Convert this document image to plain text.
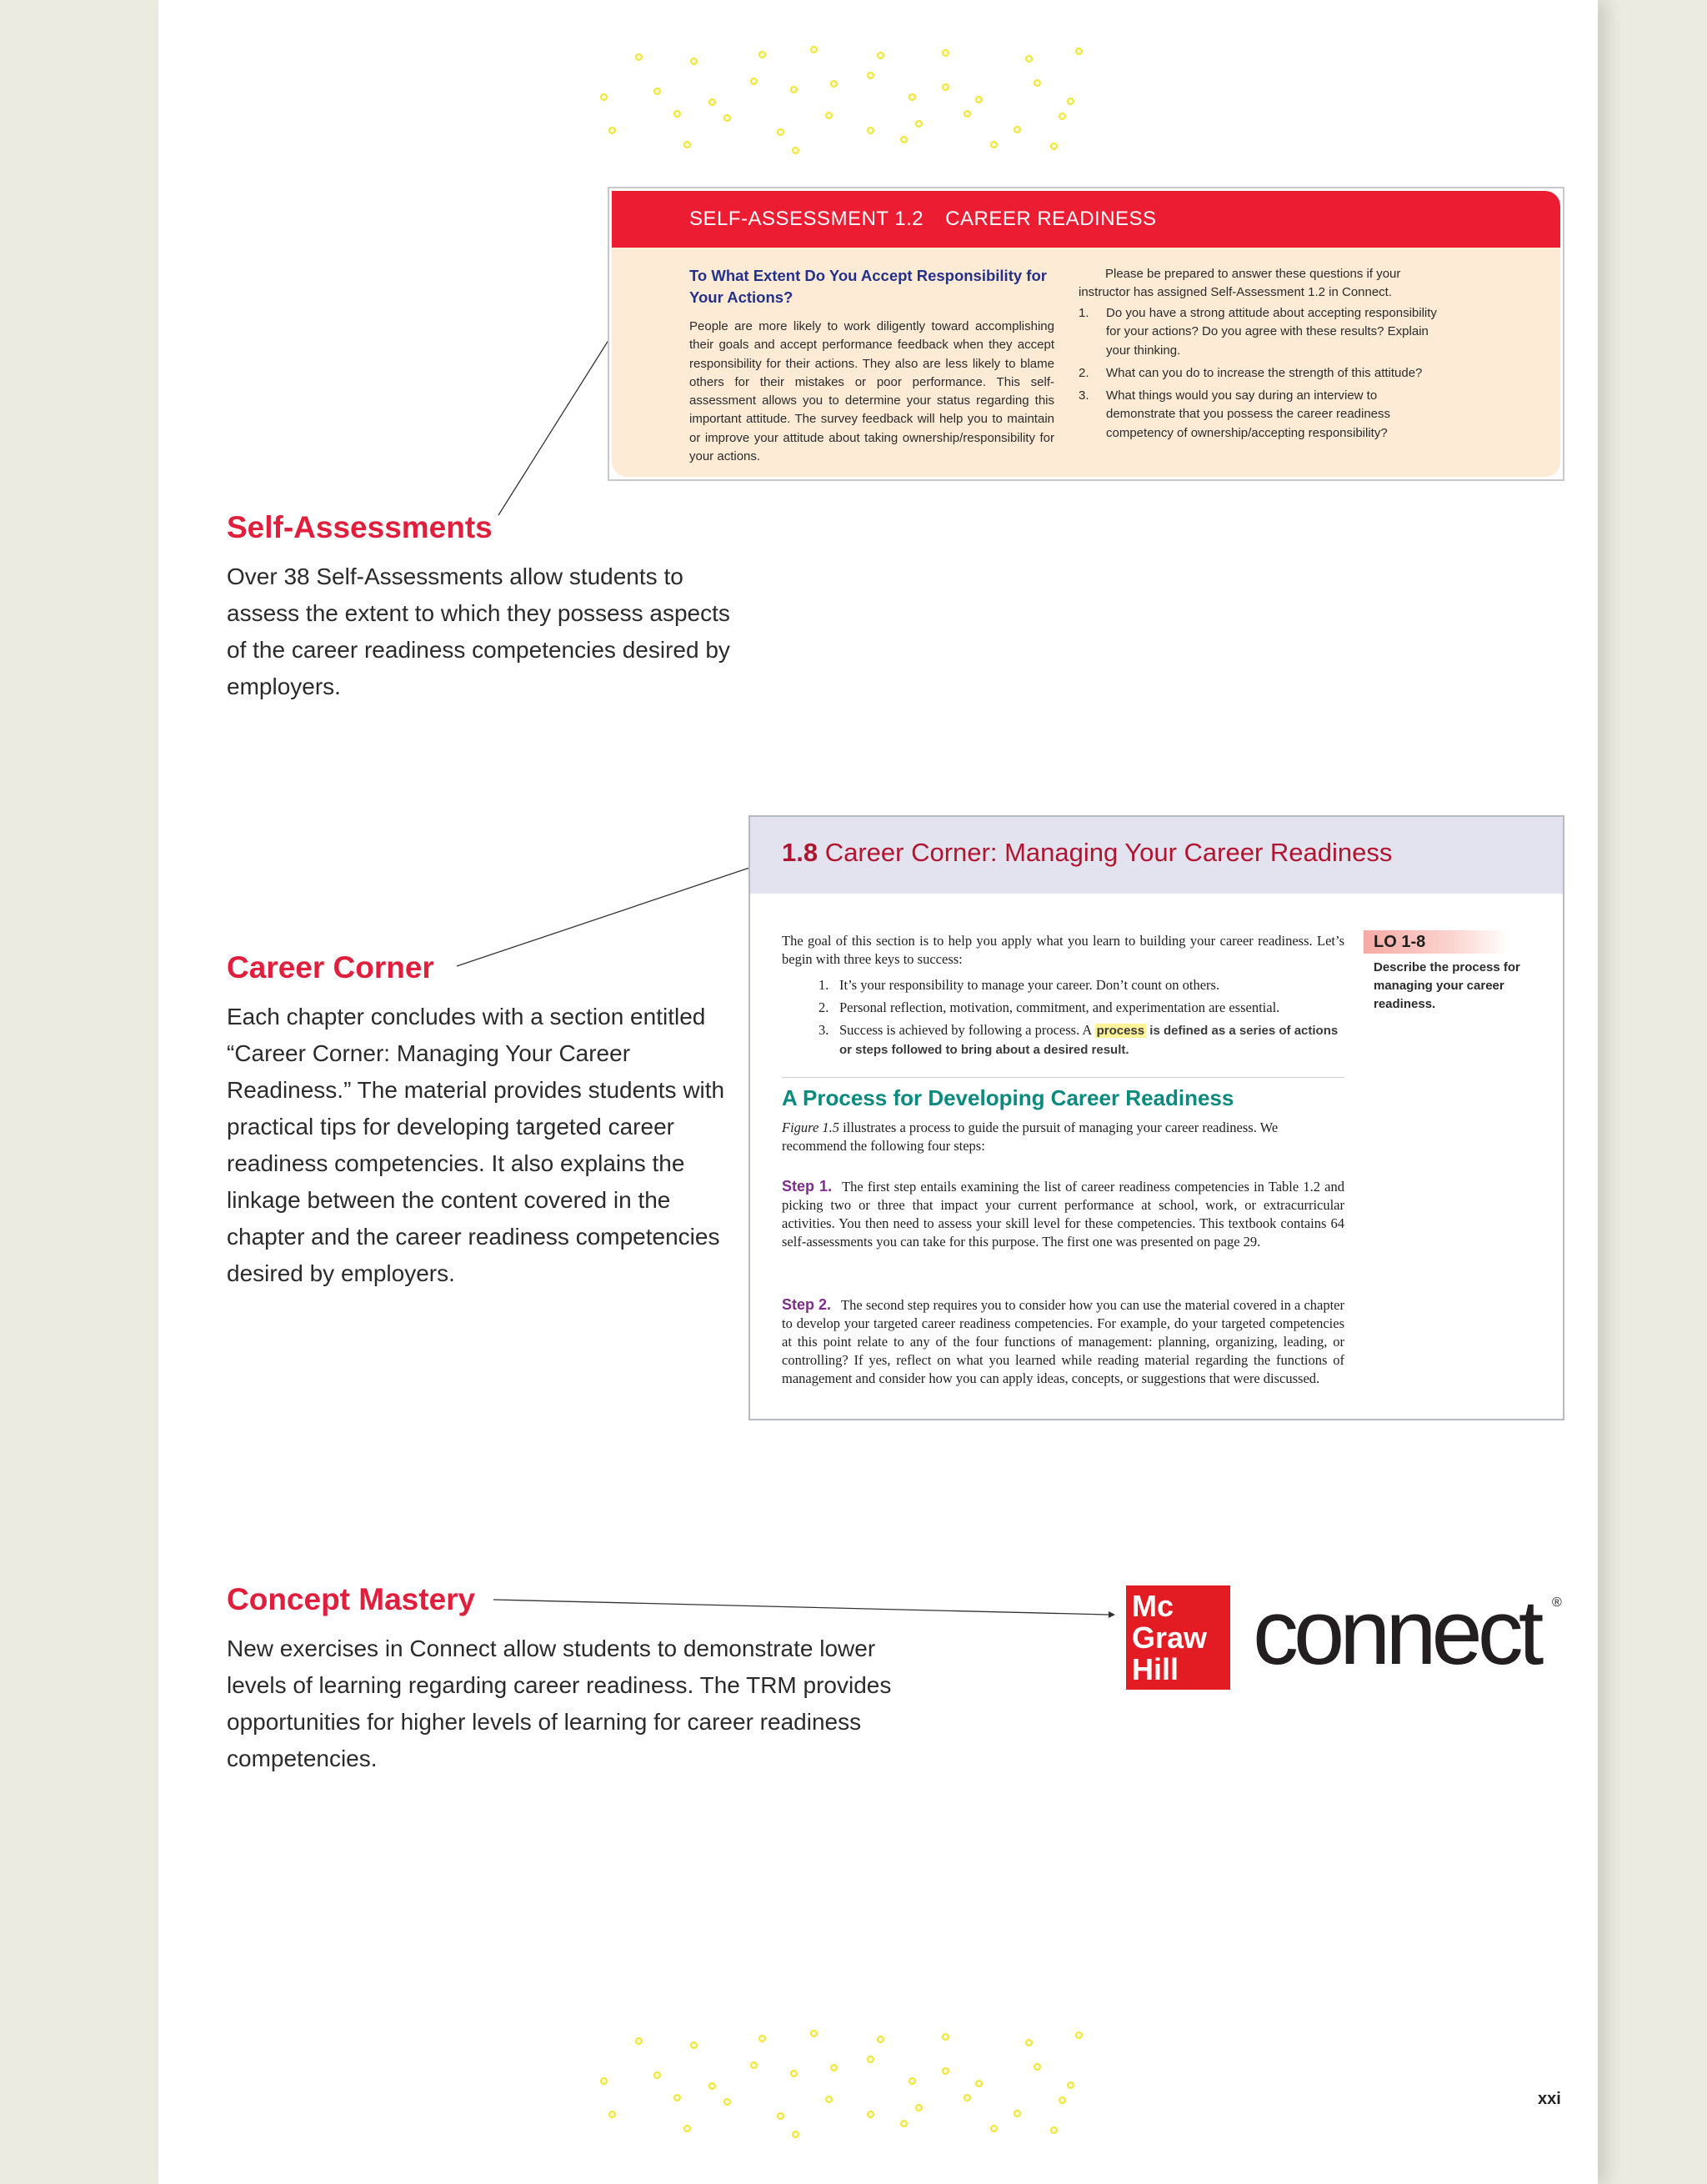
SELF-ASSESSMENT 1.2 CAREER READINESS

To What Extent Do You Accept Responsibility for Your Actions?

People are more likely to work diligently toward accomplishing their goals and accept performance feedback when they accept responsibility for their actions. They also are less likely to blame others for their mistakes or poor performance. This self-assessment allows you to determine your status regarding this important attitude. The survey feedback will help you to maintain or improve your attitude about taking ownership/responsibility for your actions.

Please be prepared to answer these questions if your instructor has assigned Self-Assessment 1.2 in Connect.

1. Do you have a strong attitude about accepting responsibility for your actions? Do you agree with these results? Explain your thinking.
2. What can you do to increase the strength of this attitude?
3. What things would you say during an interview to demonstrate that you possess the career readiness competency of ownership/accepting responsibility?
Self-Assessments
Over 38 Self-Assessments allow students to
assess the extent to which they possess aspects
of the career readiness competencies desired by
employers.
1.8 Career Corner: Managing Your Career Readiness

The goal of this section is to help you apply what you learn to building your career readiness. Let’s begin with three keys to success:

1. It’s your responsibility to manage your career. Don’t count on others.
2. Personal reflection, motivation, commitment, and experimentation are essential.
3. Success is achieved by following a process. A process is defined as a series of actions or steps followed to bring about a desired result.
A Process for Developing Career Readiness

Figure 1.5 illustrates a process to guide the pursuit of managing your career readiness. We recommend the following four steps:

Step 1. The first step entails examining the list of career readiness competencies in Table 1.2 and picking two or three that impact your current performance at school, work, or extracurricular activities. You then need to assess your skill level for these competencies. This textbook contains 64 self-assessments you can take for this purpose. The first one was presented on page 29.

Step 2. The second step requires you to consider how you can use the material covered in a chapter to develop your targeted career readiness competencies. For example, do your targeted competencies at this point relate to any of the four functions of management: planning, organizing, leading, or controlling? If yes, reflect on what you learned while reading material regarding the functions of management and consider how you can apply ideas, concepts, or suggestions that were discussed.

LO 1-8

Describe the process for managing your career readiness.

Career Corner
Each chapter concludes with a section entitled
“Career Corner: Managing Your Career
Readiness.” The material provides students with
practical tips for developing targeted career
readiness competencies. It also explains the
linkage between the content covered in the
chapter and the career readiness competencies
desired by employers.
Concept Mastery
New exercises in Connect allow students to demonstrate lower
levels of learning regarding career readiness. The TRM provides
opportunities for higher levels of learning for career readiness
competencies.
Mc
Graw
Hill connect ®
xxi
